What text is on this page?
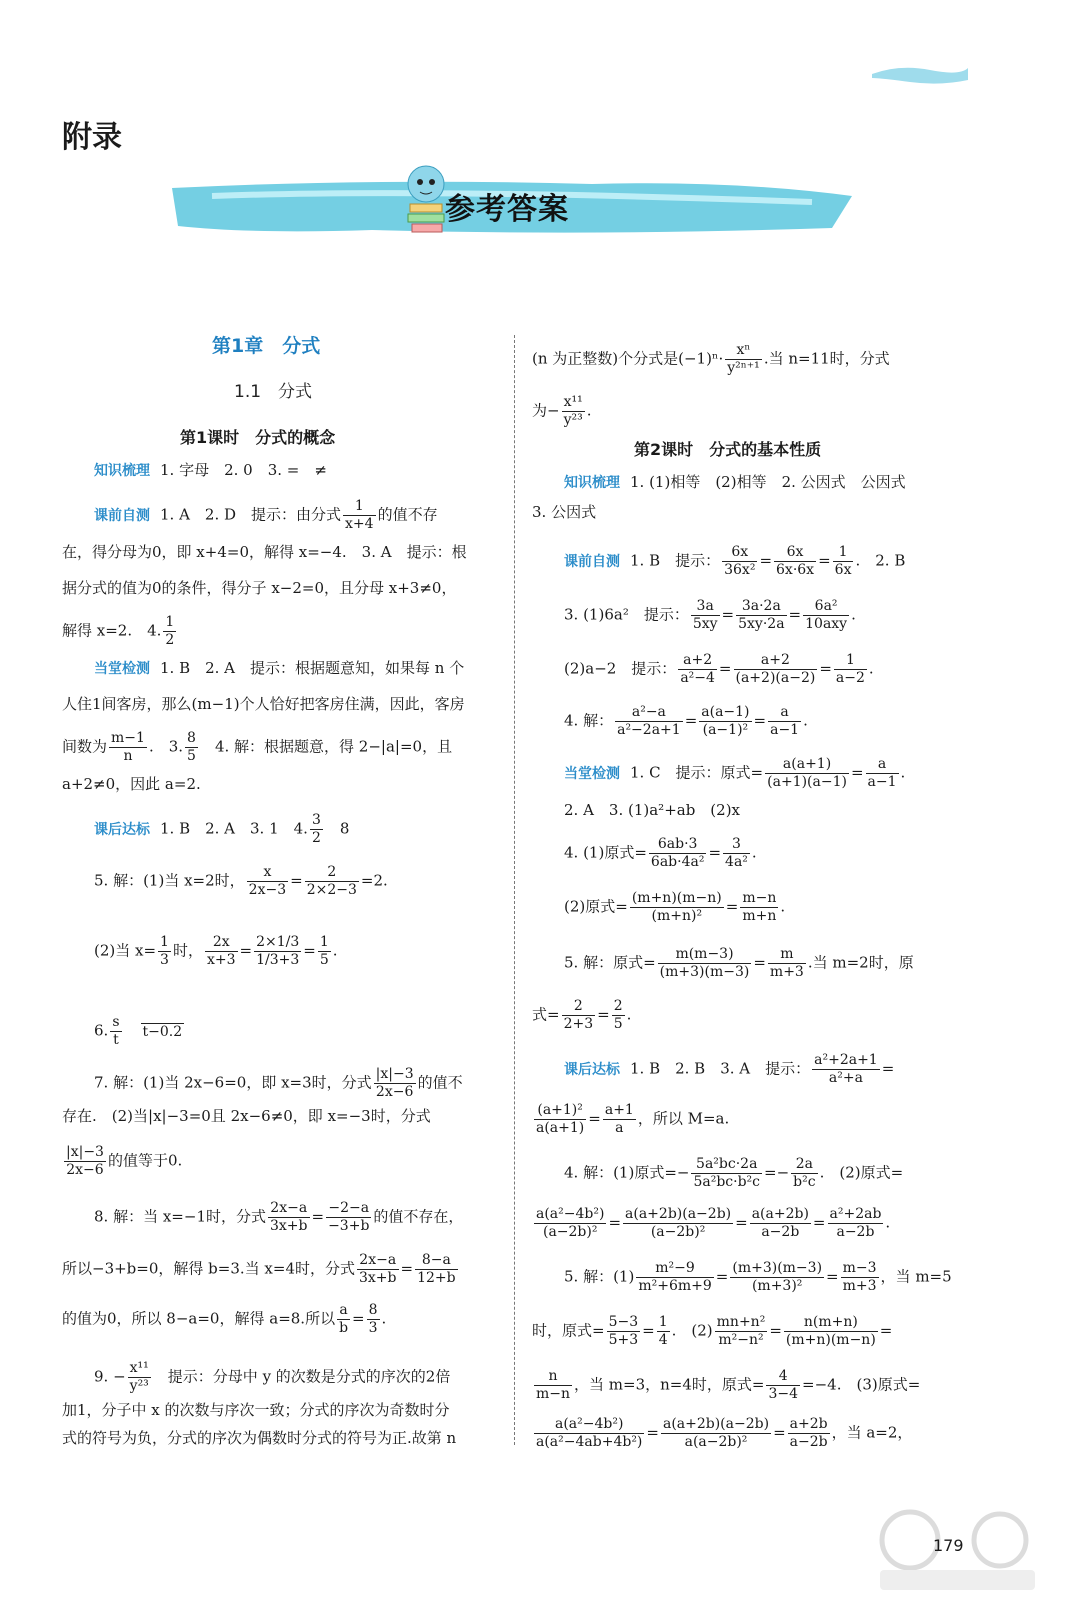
附录
参考答案
第1章　分式
1.1　分式
第1课时　分式的概念
知识梳理 1. 字母　2. 0　3. =　≠
课前自测 1. A　2. D　提示：由分式 $\frac{1}{x+4}$ 的值不存
在，得分母为0，即 x+4=0，解得 x=−4.　3. A　提示：根
据分式的值为0的条件，得分子 x−2=0，且分母 x+3≠0，
解得 x=2.　4. $\frac{1}{2}$
当堂检测 1. B　2. A　提示：根据题意知，如果每 n 个
人住1间客房，那么(m−1)个人恰好把客房住满，因此，客房
间数为 $\frac{m-1}{n}$ .　3. $\frac{8}{5}$ 　4. 解：根据题意，得 2−|a|=0，且
a+2≠0，因此 a=2.
课后达标 1. B　2. A　3. 1　4. $\frac{3}{2}$ 　8
5. 解：(1)当 x=2时， $\frac{x}{2x-3} = \frac{2}{2\times 2-3} =2$.
(2)当 $x= \frac{1}{3}$ 时， $\frac{2x}{x+3} = \frac{2\times 1/3}{1/3+3} = \frac{1}{5}$ .
6. $\frac{s}{t}$
　 t−0.2
7. 解：(1)当 2x−6=0，即 x=3时，分式 $\frac{|x|-3}{2x-6}$ 的值不
存在.　(2)当|x|−3=0且 2x−6≠0，即 x=−3时，分式
$\frac{|x|-3}{2x-6}$ 的值等于0.
8. 解：当 x=−1时，分式 $\frac{2x-a}{3x+b} = \frac{-2-a}{-3+b}$ 的值不存在，
所以−3+b=0，解得 b=3.当 x=4时，分式 $\frac{2x-a}{3x+b} = \frac{8-a}{12+b}$
的值为0，所以 8−a=0，解得 a=8.所以 $\frac{a}{b} = \frac{8}{3}$ .
9. − $\frac{\text{x¹¹}}{\text{y²³}}$ 　提示：分母中 y 的次数是分式的序次的2倍
加1，分子中 x 的次数与序次一致；分式的序次为奇数时分
式的符号为负，分式的序次为偶数时分式的符号为正.故第 n
(n 为正整数)个分式是$(-1)^n\cdot \frac{\text{xⁿ}}{\text{y²ⁿ⁺¹}}$ .当 n=11时，分式
为− $\frac{\text{x¹¹}}{\text{y²³}}$ .
第2课时　分式的基本性质
知识梳理 1. (1)相等　(2)相等　2. 公因式　公因式
3. 公因式
课前自测 1. B　提示： $\frac{6x}{\text{36x²}} = \frac{6x}{6x\cdot 6x} = \frac{1}{6x}$ .　2. B
3. (1)6a²　提示： $\frac{3a}{5xy} = \frac{3a\cdot 2a}{5xy\cdot 2a} = \frac{\text{6a²}}{\text{10axy}}$ .
(2)a−2　提示： $\frac{a+2}{\text{a²−4}} = \frac{a+2}{(a+2)(a-2)} = \frac{1}{a-2}$ .
4. 解： $\frac{\text{a²−a}}{\text{a²−2a+1}} = \frac{a(a-1)}{\text{(a−1)²}} = \frac{a}{a-1}$ .
当堂检测 1. C　提示：原式= $\frac{a(a+1)}{(a+1)(a-1)} = \frac{a}{a-1}$ .
2. A　3. (1)a²+ab　(2)x
4. (1)原式= $\frac{6ab\cdot 3}{\text{6ab·4a²}} = \frac{3}{\text{4a²}}$ .
(2)原式= $\frac{(m+n)(m-n)}{\text{(m+n)²}} = \frac{m-n}{m+n}$ .
5. 解：原式= $\frac{m(m-3)}{(m+3)(m-3)} = \frac{m}{m+3}$ .当 m=2时，原
式= $\frac{2}{2+3} = \frac{2}{5}$ .
课后达标 1. B　2. B　3. A　提示： $\frac{\text{a²+2a+1}}{\text{a²+a}}$ =
$\frac{\text{(a+1)²}}{a(a+1)} = \frac{a+1}{a}$ ，所以 M=a.
4. 解：(1)原式=− $\frac{\text{5a²bc·2a}}{\text{5a²bc·b²c}} =- \frac{2a}{\text{b²c}}$ .　(2)原式=
$\frac{\text{a(a²−4b²)}}{\text{(a−2b)²}} = \frac{a(a+2b)(a-2b)}{\text{(a−2b)²}} = \frac{a(a+2b)}{a-2b} = \frac{\text{a²+2ab}}{a-2b}$ .
5. 解：$(1) \frac{\text{m²−9}}{\text{m²+6m+9}} = \frac{(m+3)(m-3)}{\text{(m+3)²}} = \frac{m-3}{m+3}$ ，当 m=5
时，原式= $\frac{5-3}{5+3} = \frac{1}{4}$ .　$(2) \frac{\text{mn+n²}}{\text{m²−n²}} = \frac{n(m+n)}{(m+n)(m-n)}$ =
$\frac{n}{m-n}$ ，当 m=3，n=4时，原式= $\frac{4}{3-4} =-4$.　(3)原式=
$\frac{\text{a(a²−4b²)}}{\text{a(a²−4ab+4b²)}} = \frac{a(a+2b)(a-2b)}{\text{a(a−2b)²}} = \frac{a+2b}{a-2b}$ ，当 a=2，
179
